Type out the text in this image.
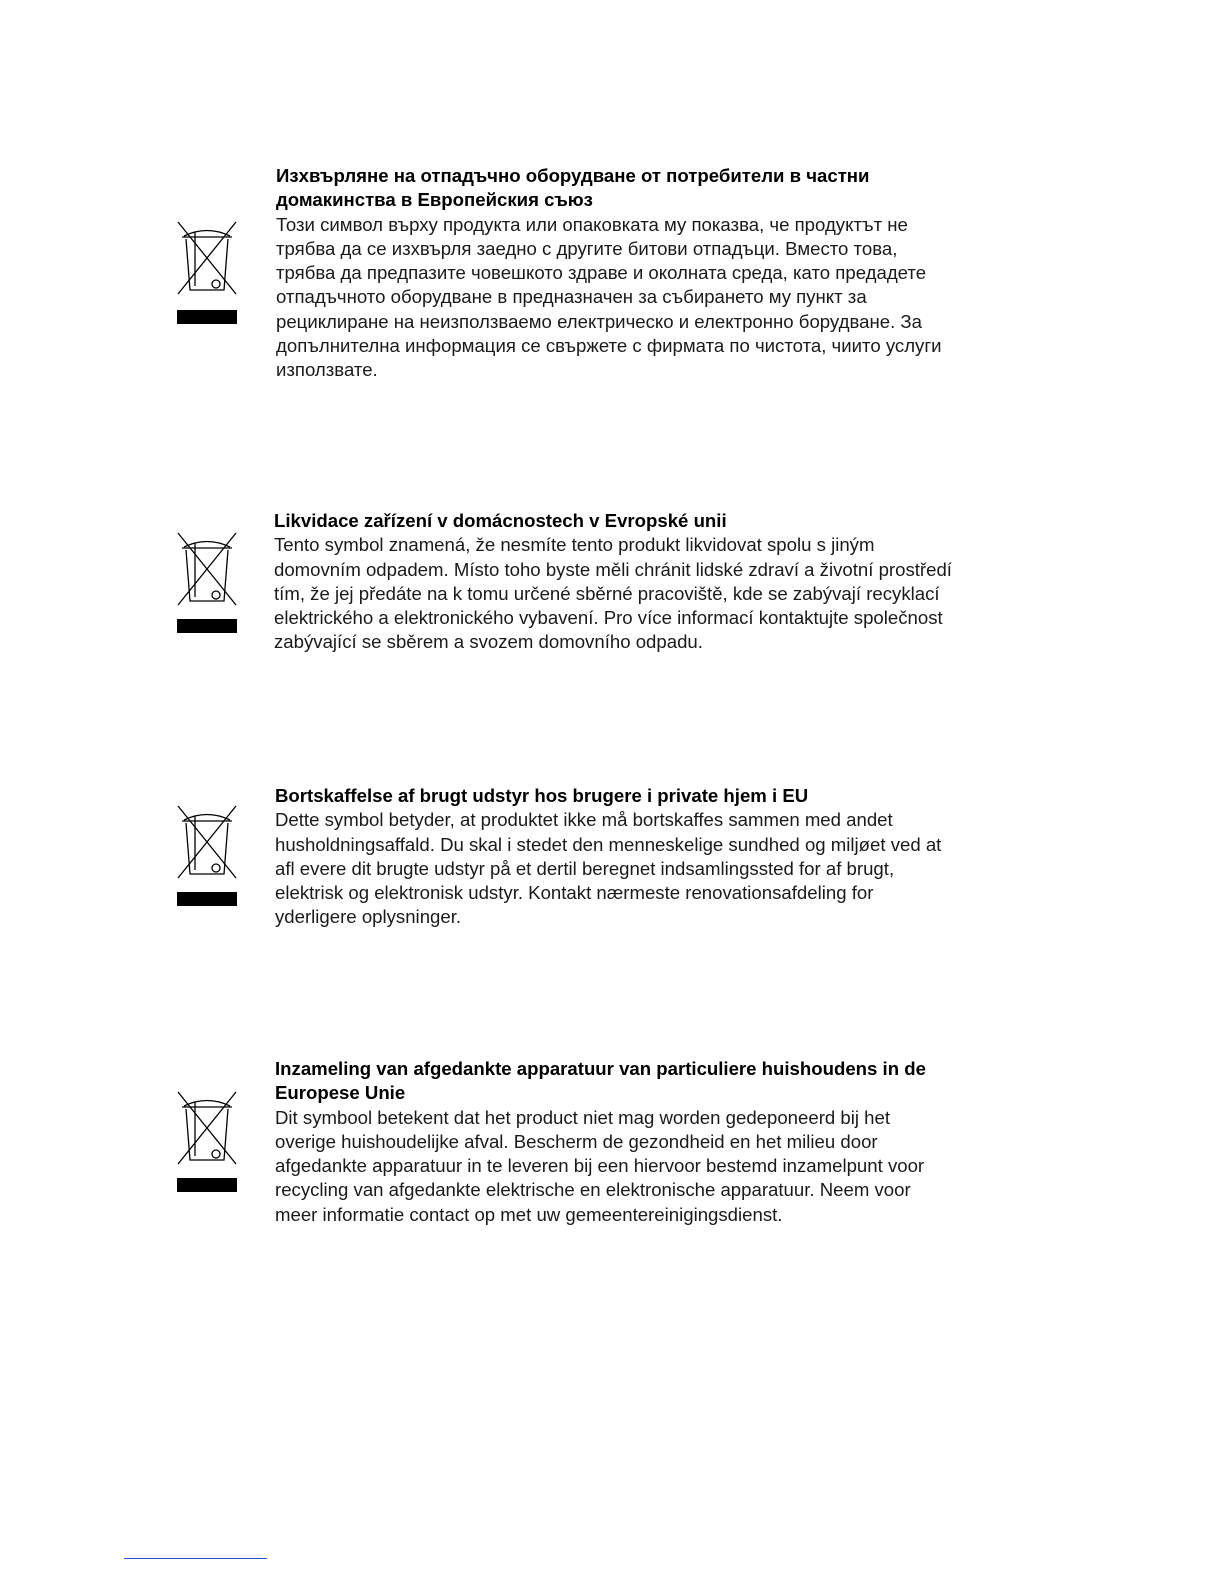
Изхвърляне на отпадъчно оборудване от потребители в частни домакинства в Европейския съюз

Този символ върху продукта или опаковката му показва, че продуктът не трябва да се изхвърля заедно с другите битови отпадъци. Вместо това, трябва да предпазите човешкото здраве и околната среда, като предадете отпадъчното оборудване в предназначен за събирането му пункт за рециклиране на неизползваемо електрическо и електронно борудване. За допълнителна информация се свържете с фирмата по чистота, чиито услуги използвате.

Likvidace zařízení v domácnostech v Evropské unii

Tento symbol znamená, že nesmíte tento produkt likvidovat spolu s jiným domovním odpadem. Místo toho byste měli chránit lidské zdraví a životní prostředí tím, že jej předáte na k tomu určené sběrné pracoviště, kde se zabývají recyklací elektrického a elektronického vybavení. Pro více informací kontaktujte společnost zabývající se sběrem a svozem domovního odpadu.

Bortskaffelse af brugt udstyr hos brugere i private hjem i EU

Dette symbol betyder, at produktet ikke må bortskaffes sammen med andet husholdningsaffald. Du skal i stedet den menneskelige sundhed og miljøet ved at afl evere dit brugte udstyr på et dertil beregnet indsamlingssted for af brugt, elektrisk og elektronisk udstyr. Kontakt nærmeste renovationsafdeling for yderligere oplysninger.

Inzameling van afgedankte apparatuur van particuliere huishoudens in de Europese Unie

Dit symbool betekent dat het product niet mag worden gedeponeerd bij het overige huishoudelijke afval. Bescherm de gezondheid en het milieu door afgedankte apparatuur in te leveren bij een hiervoor bestemd inzamelpunt voor recycling van afgedankte elektrische en elektronische apparatuur. Neem voor meer informatie contact op met uw gemeentereinigingsdienst.
